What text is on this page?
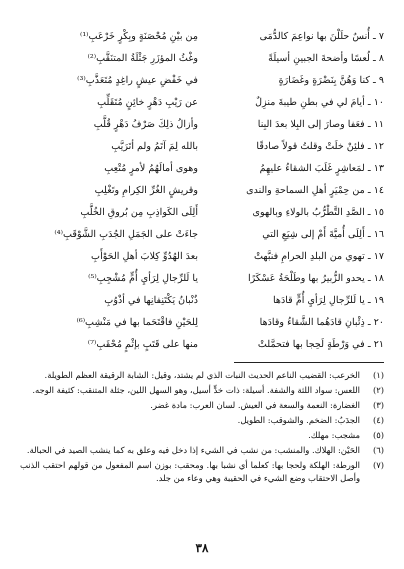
٧ ـ أُنسٌ حلَلْنَ بها نواعِمَ كالدُّمَى
مِن بيْنِ مُحْصَنَةٍ وبِكْرٍ خَرْعَبِ⁽¹⁾
٨ ـ لُعسًا وأضحةَ الجبينِ أسيلَةً
وغْثُ المؤزَرِ جَثْلَةُ المتنَقَّبِ⁽²⁾
٩ ـ كنا وَهُنَّ بِنَضْرَةٍ وغَضَارَةٍ
في خَفْضِ عيشٍ راغِدٍ مُتَعَذَّبِ⁽³⁾
١٠ ـ أيامَ لي في بطنِ طيبةَ منزِلٌ
عن رَيْبِ دَهْرٍ خائِنٍ مُتَقَلِّبِ
١١ ـ فعَفا وصارَ إلى البِلا بعدَ البِنا
وأزالُ ذلِكَ صَرْفُ دَهْرٍ قُلَّبِ
١٢ ـ فلئِنْ خلَتْ وقلتُ قولاً صادقًا
بالله لِمَ آتَمُ ولم أتَرَيَّبِ
١٣ ـ لمَعاشِرٍ غَلَبَ الشقاءُ عليهِمُ
وهوى أمالَهُمُ لأمرٍ مُتْعِبِ
١٤ ـ من حِمْيَرٍ أهلِ السماحةِ والندى
وقريشٍ الغُرِّ الكِرامِ وتَغْلِبِ
١٥ ـ الصَّدِ التَّطْرُّبُ بالولاءِ وبالهوى
أَلِلَى الكَواذِبِ مِن بُروقِ الخُلَّبِ
١٦ ـ أَلِلَى أُميَّةَ أَمْ إلى شِيَعِ التي
جاءَتْ على الجَمَلِ الجُدَبِ الشَّوْقَبِ⁽⁴⁾
١٧ ـ تهوي من البلدِ الحرامِ فنبَّهتْ
بعدَ الهُدُوِّ كِلابَ أهلِ الحَوْأَبِ
١٨ ـ يحدو الزُّبيرُ بها وطَلْحَةُ عَسْكَرًا
يا لَلرِّجالِ لِرَأيِ أُمٍّ مُشْجِبِ⁽⁵⁾
١٩ ـ يا لَلرِّجالِ لِرَأيِ أُمٍّ قادَها
ذُنْبانُ يَكْتَنِفانِها في أذْوُبِ
٢٠ ـ ذِئْبانِ قادَهُما الشَّقاءُ وقادَها
لِلحَيْنِ فاقْتَحَما بها في مَنْشِبِ⁽⁶⁾
٢١ ـ في وَرْطَةٍ لَحِجا بها فتحمَّلتْ
منها على قَتَبٍ بإثْمٍ مُحْقَبِ⁽⁷⁾
(١)
الخرعب: القضيب الناعم الحديث النبات الذي لم يشتد، وقيل: الشابة الرقيقة العظم الطويلة.
(٢)
اللعس: سواد اللثة والشفة. أسيلة: ذات خدٍّ أسيل، وهو السهل اللين، جثلة المتنقب: كثيفة الوجه.
(٣)
الغضارة: النعمة والسعة في العيش. لسان العرب: مادة غضر.
(٤)
الجدَبُ: الضخم. والشوقب: الطويل.
(٥)
مشجب: مهلك.
(٦)
الحَيْن: الهلاك. والمنشب: من نشب في الشيء إذا دخل فيه وعلق به كما ينشب الصيد في الحبالة.
(٧)
الورطة: الهلكة ولحجا بها: كعلما أي نشبا بها. ومحقب: بوزن اسم المفعول من قولهم احتقب الذنب وأصل الاحتقاب وضع الشيء في الحقيبة وهي وعاء من جلد.
٣٨
